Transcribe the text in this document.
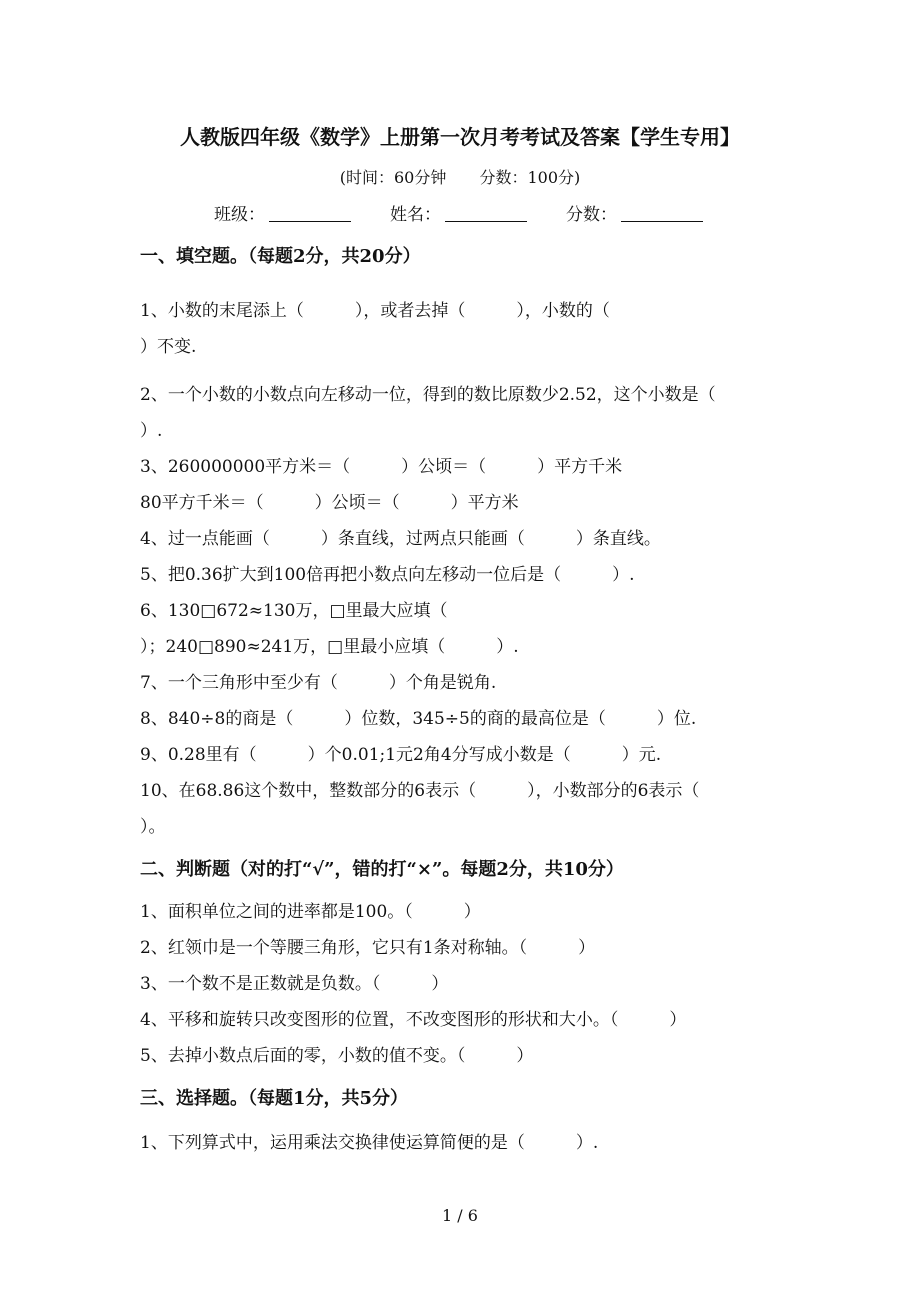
人教版四年级《数学》上册第一次月考考试及答案【学生专用】
(时间：60分钟 分数：100分)
班级：	姓名：	分数：
一、填空题。（每题2分，共20分）
1、小数的末尾添上（　　　），或者去掉（　　　），小数的（
）不变.
2、一个小数的小数点向左移动一位，得到的数比原数少2.52，这个小数是（
）.
3、260000000平方米＝（　　　）公顷＝（　　　）平方千米
80平方千米＝（　　　）公顷＝（　　　）平方米
4、过一点能画（　　　）条直线，过两点只能画（　　　）条直线。
5、把0.36扩大到100倍再把小数点向左移动一位后是（　　　）.
6、130□672≈130万，□里最大应填（
）；240□890≈241万，□里最小应填（　　　）.
7、一个三角形中至少有（　　　）个角是锐角.
8、840÷8的商是（　　　）位数，345÷5的商的最高位是（　　　）位.
9、0.28里有（　　　）个0.01;1元2角4分写成小数是（　　　）元.
10、在68.86这个数中，整数部分的6表示（　　　），小数部分的6表示（
）。
二、判断题（对的打“√”，错的打“×”。每题2分，共10分）
1、面积单位之间的进率都是100。（　　　）
2、红领巾是一个等腰三角形，它只有1条对称轴。（　　　）
3、一个数不是正数就是负数。（　　　）
4、平移和旋转只改变图形的位置，不改变图形的形状和大小。（　　　）
5、去掉小数点后面的零，小数的值不变。（　　　）
三、选择题。（每题1分，共5分）
1、下列算式中，运用乘法交换律使运算简便的是（　　　）.
1 / 6
